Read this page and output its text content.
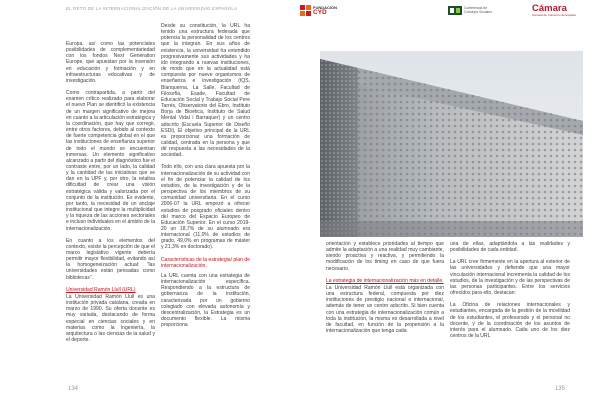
EL RETO DE LA INTERNACIONALIZACIÓN DE LA UNIVERSIDAD ESPAÑOLA	FUNDACIÓN
CYD
Conferencia de Consejos Sociales	Cámara
Cámara de Comercio de España

Europa, así como las potenciales posibilidades de complementariedad con los fondos Next Generation Europe, que apuestan por la inversión en educación y formación y en infraestructuras educativas y de investigación.

Como contrapartida, a partir del examen crítico realizado para elaborar el nuevo Plan se identificó la existencia de un margen significativo de mejora en cuanto a la articulación estratégica y la coordinación, que hay que corregir, entre otros factores, debido al contexto de fuerte competencia global en el que las instituciones de enseñanza superior de todo el mundo se encuentran inmersas. Un elemento significativo alcanzado a partir del diagnóstico fue el contraste entre, por un lado, la calidad y la cantidad de las iniciativas que se dan en la UPF y, por otro, la relativa dificultad de crear una visión estratégica válida y valorizada por el conjunto de la institución. Es evidente, por tanto, la necesidad de un anclaje institucional que integre la multiplicidad y la riqueza de las acciones sectoriales e incluso individuales en el ámbito de la internacionalización.

En cuanto a los elementos del contexto, existe la percepción de que el marco legislativo vigente debería permitir mayor flexibilidad, evitando así la homogeneización actual: “las universidades están pensadas como bibliotecas”.

Universidad Ramón Llull (URL)

La Universidad Ramón Llull es una institución privada catalana, creada en marzo de 1990. Su oferta docente es muy variada, destacando de forma especial en ciencias sociales y en materias como la ingeniería, la arquitectura o las ciencias de la salud y el deporte.

Desde su constitución, la URL ha tenido una estructura federada que potencia la personalidad de los centros que la integran. En sus años de existencia, la universidad ha extendido progresivamente sus actividades y ha ido integrando a nuevas instituciones, de modo que en la actualidad está compuesta por nueve organismos de enseñanza e investigación (IQS, Blanquerna, La Salle, Facultad de Filosofía, Esade, Facultad de Educación Social y Trabajo Social Pere Tarrés, Observatorio del Ebro, Instituto Borja de Bioética, Instituto de Salud Mental Vidal i Barraquer) y un centro adscrito (Escuela Superior de Diseño ESDi). El objetivo principal de la URL es proporcionar una formación de calidad, centrada en la persona y que dé respuesta a las necesidades de la sociedad.

Todo ello, con una clara apuesta por la internacionalización de su actividad con el fin de potenciar la calidad de los estudios, de la investigación y de la perspectiva de los miembros de su comunidad universitaria. En el curso 2006-07 la URL empezó a ofrecer estudios de posgrado oficiales dentro del marco del Espacio Europeo de Educación Superior. En el curso 2019-20 un 18,7% de su alumnado era internacional (11,0% de estudios de grado, 49,0% en programas de máster y 21,3% en doctorado).

Características de la estrategia/ plan de internacionalización.

La URL cuenta con una estrategia de internacionalización específica. Respondiendo a la estructura de gobernanza de la institución, caracterizada por un gobierno colegiado con elevada autonomía y descentralización, la Estrategia es un documento flexible. La misma proporciona

134

orientación y establece prioridades al tiempo que admite la adaptación a una realidad muy cambiante, siendo proactiva y reactiva, y permitiendo la modificación de los timing en caso de que fuera necesario.

La estrategia de internacionalización más en detalle.

La Universidad Ramón Llull está organizada con una estructura federal, compuesta por diez instituciones de prestigio nacional e internacional, además de tener un centro adscrito. Si bien cuenta con una estrategia de internacionalización común a toda la institución, la misma es desarrollada a nivel de facultad, en función de la propensión a la internacionalización que tenga cada

una de ellas, adaptándola a las realidades y posibilidades de cada entidad.

La URL cree firmemente en la apertura al exterior de las universidades y defiende que una mayor vinculación internacional incrementa la calidad de los estudios, de la investigación y de las perspectivas de las personas participantes. Entre los servicios ofrecidos para ello, destacan:

La Oficina de relaciones internacionales y estudiantes, encargada de la gestión de la movilidad de los estudiantes, el profesorado y el personal no docente, y de la coordinación de los asuntos de interés para el alumnado. Cada uno de los diez centros de la URL

135
